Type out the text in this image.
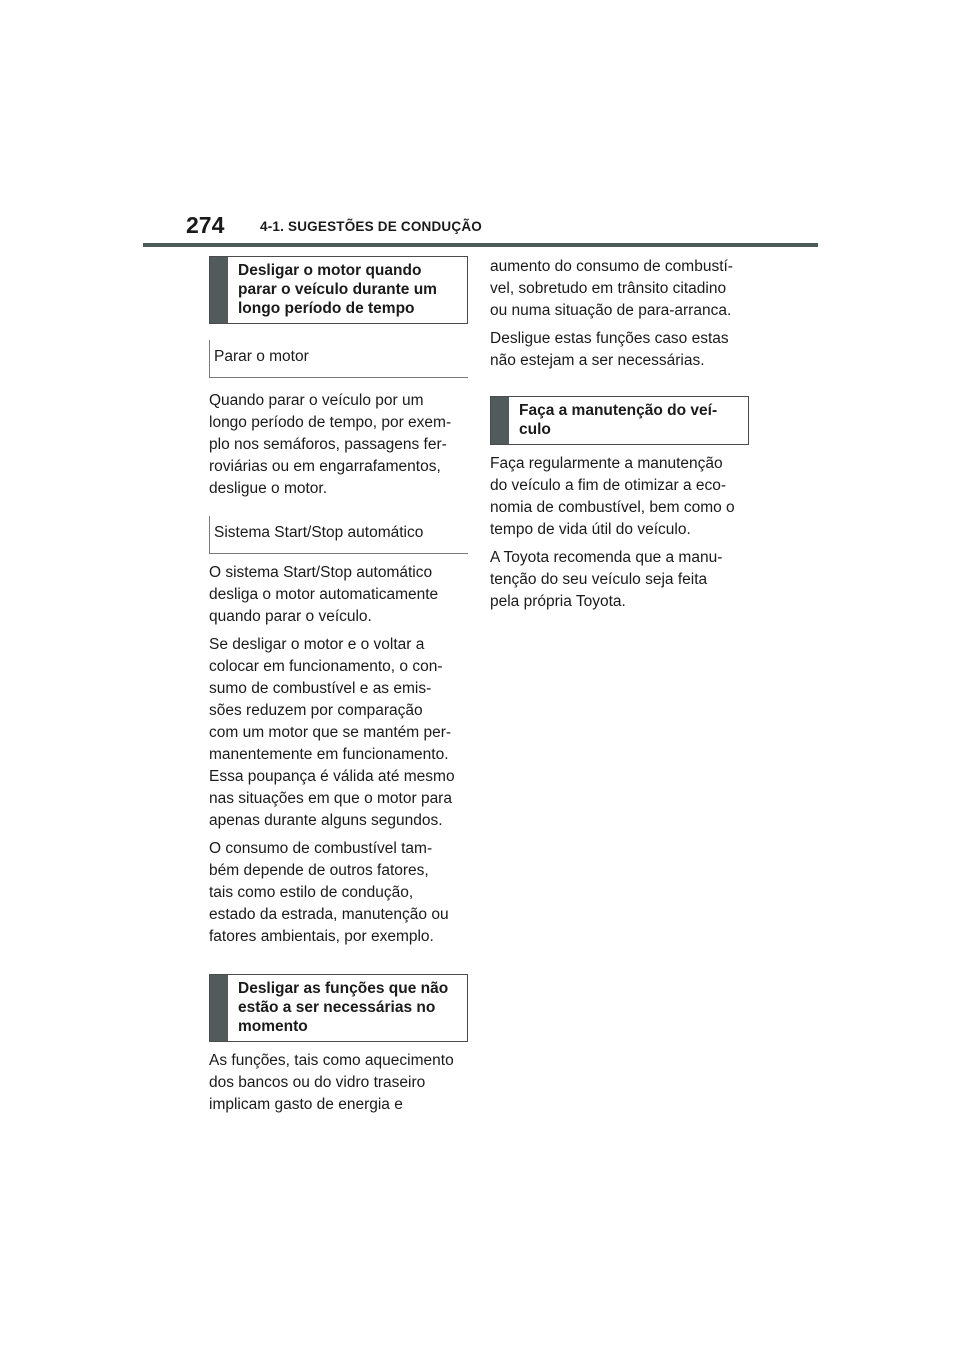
274	4-1. SUGESTÕES DE CONDUÇÃO
Desligar o motor quando
parar o veículo durante um
longo período de tempo
Parar o motor

Quando parar o veículo por um
longo período de tempo, por exem-
plo nos semáforos, passagens fer-
roviárias ou em engarrafamentos,
desligue o motor.

Sistema Start/Stop automático

O sistema Start/Stop automático
desliga o motor automaticamente
quando parar o veículo.

Se desligar o motor e o voltar a
colocar em funcionamento, o con-
sumo de combustível e as emis-
sões reduzem por comparação
com um motor que se mantém per-
manentemente em funcionamento.
Essa poupança é válida até mesmo
nas situações em que o motor para
apenas durante alguns segundos.

O consumo de combustível tam-
bém depende de outros fatores,
tais como estilo de condução,
estado da estrada, manutenção ou
fatores ambientais, por exemplo.

Desligar as funções que não
estão a ser necessárias no
momento

As funções, tais como aquecimento
dos bancos ou do vidro traseiro
implicam gasto de energia e

aumento do consumo de combustí-
vel, sobretudo em trânsito citadino
ou numa situação de para-arranca.

Desligue estas funções caso estas
não estejam a ser necessárias.

Faça a manutenção do veí-
culo

Faça regularmente a manutenção
do veículo a fim de otimizar a eco-
nomia de combustível, bem como o
tempo de vida útil do veículo.

A Toyota recomenda que a manu-
tenção do seu veículo seja feita
pela própria Toyota.
